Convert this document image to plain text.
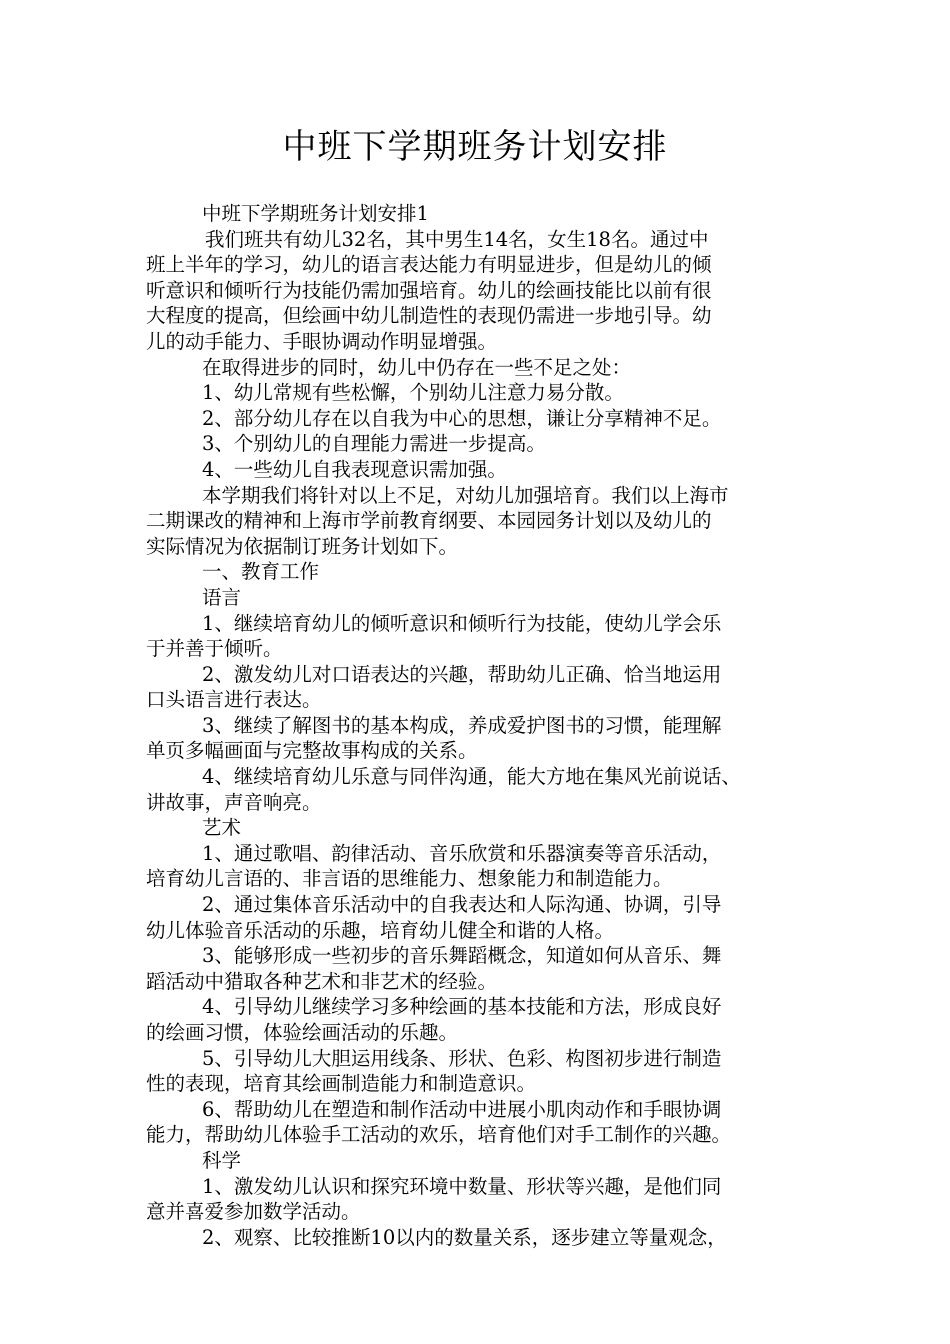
中班下学期班务计划安排
中班下学期班务计划安排1
我们班共有幼儿32名，其中男生14名，女生18名。通过中
班上半年的学习，幼儿的语言表达能力有明显进步，但是幼儿的倾
听意识和倾听行为技能仍需加强培育。幼儿的绘画技能比以前有很
大程度的提高，但绘画中幼儿制造性的表现仍需进一步地引导。幼
儿的动手能力、手眼协调动作明显增强。
在取得进步的同时，幼儿中仍存在一些不足之处：
1、幼儿常规有些松懈，个别幼儿注意力易分散。
2、部分幼儿存在以自我为中心的思想，谦让分享精神不足。
3、个别幼儿的自理能力需进一步提高。
4、一些幼儿自我表现意识需加强。
本学期我们将针对以上不足，对幼儿加强培育。我们以上海市
二期课改的精神和上海市学前教育纲要、本园园务计划以及幼儿的
实际情况为依据制订班务计划如下。
一、教育工作
语言
1、继续培育幼儿的倾听意识和倾听行为技能，使幼儿学会乐
于并善于倾听。
2、激发幼儿对口语表达的兴趣，帮助幼儿正确、恰当地运用
口头语言进行表达。
3、继续了解图书的基本构成，养成爱护图书的习惯，能理解
单页多幅画面与完整故事构成的关系。
4、继续培育幼儿乐意与同伴沟通，能大方地在集风光前说话、
讲故事，声音响亮。
艺术
1、通过歌唱、韵律活动、音乐欣赏和乐器演奏等音乐活动，
培育幼儿言语的、非言语的思维能力、想象能力和制造能力。
2、通过集体音乐活动中的自我表达和人际沟通、协调，引导
幼儿体验音乐活动的乐趣，培育幼儿健全和谐的人格。
3、能够形成一些初步的音乐舞蹈概念，知道如何从音乐、舞
蹈活动中猎取各种艺术和非艺术的经验。
4、引导幼儿继续学习多种绘画的基本技能和方法，形成良好
的绘画习惯，体验绘画活动的乐趣。
5、引导幼儿大胆运用线条、形状、色彩、构图初步进行制造
性的表现，培育其绘画制造能力和制造意识。
6、帮助幼儿在塑造和制作活动中进展小肌肉动作和手眼协调
能力，帮助幼儿体验手工活动的欢乐，培育他们对手工制作的兴趣。
科学
1、激发幼儿认识和探究环境中数量、形状等兴趣，是他们同
意并喜爱参加数学活动。
2、观察、比较推断10以内的数量关系，逐步建立等量观念，
